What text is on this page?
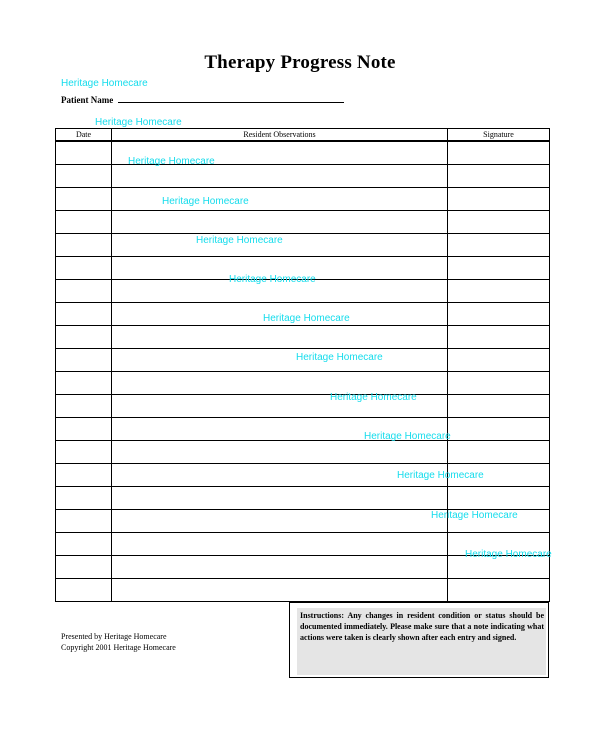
Therapy Progress Note
Heritage Homecare
Patient Name
Heritage Homecare
Date	Resident Observations	Signature

Heritage Homecare
Heritage Homecare
Heritage Homecare
Heritage Homecare
Heritage Homecare
Heritage Homecare
Heritage Homecare
Heritage Homecare
Heritage Homecare
Heritage Homecare
Heritage Homecare
Presented by Heritage Homecare
Copyright 2001 Heritage Homecare
Instructions: Any changes in resident condition or status should be documented immediately. Please make sure that a note indicating what actions were taken is clearly shown after each entry and signed.
